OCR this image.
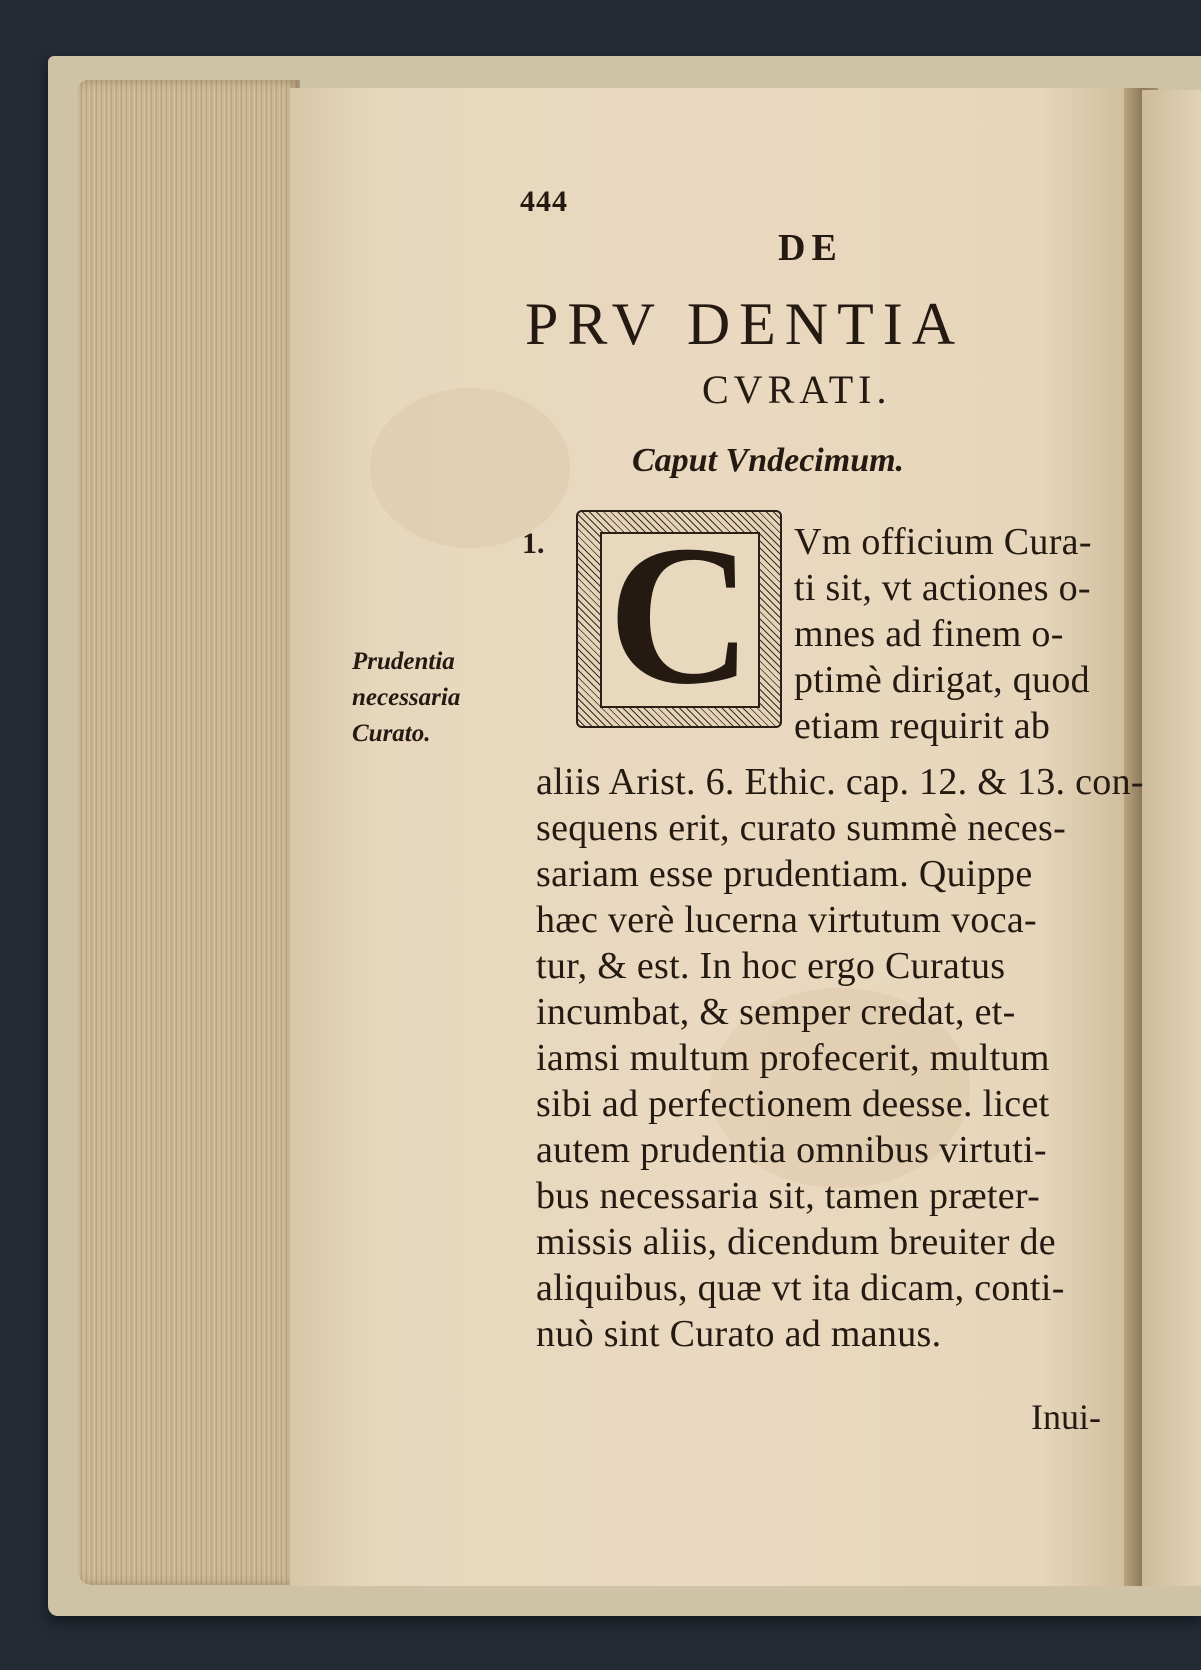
444
DE
PRV DENTIA
CVRATI.
Caput Vndecimum.
1. C Vm officium Cura-
ti sit, vt actiones o-
mnes ad finem o-
ptimè dirigat, quod
etiam requirit ab
aliis Arist. 6. Ethic. cap. 12. & 13. con-
sequens erit, curato summè neces-
sariam esse prudentiam. Quippe
hæc verè lucerna virtutum voca-
tur, & est. In hoc ergo Curatus
incumbat, & semper credat, et-
iamsi multum profecerit, multum
sibi ad perfectionem deesse. licet
autem prudentia omnibus virtuti-
bus necessaria sit, tamen præter-
missis aliis, dicendum breuiter de
aliquibus, quæ vt ita dicam, conti-
nuò sint Curato ad manus.
Prudentia
necessaria
Curato.
Inui-
